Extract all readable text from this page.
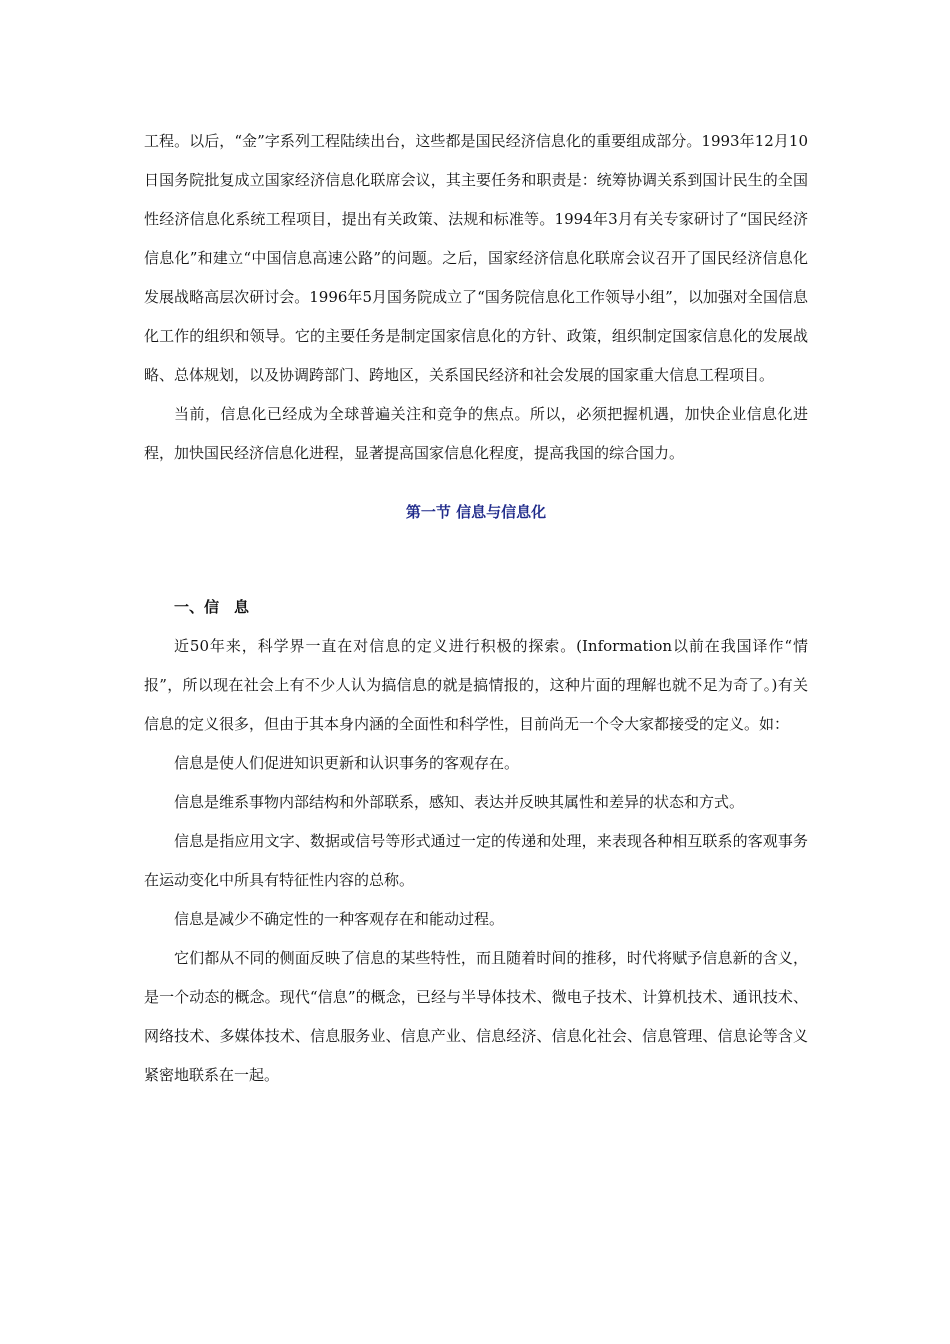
工程。以后，“金”字系列工程陆续出台，这些都是国民经济信息化的重要组成部分。1993年12月10日国务院批复成立国家经济信息化联席会议，其主要任务和职责是：统筹协调关系到国计民生的全国性经济信息化系统工程项目，提出有关政策、法规和标准等。1994年3月有关专家研讨了“国民经济信息化”和建立“中国信息高速公路”的问题。之后，国家经济信息化联席会议召开了国民经济信息化发展战略高层次研讨会。1996年5月国务院成立了“国务院信息化工作领导小组”，以加强对全国信息化工作的组织和领导。它的主要任务是制定国家信息化的方针、政策，组织制定国家信息化的发展战略、总体规划，以及协调跨部门、跨地区，关系国民经济和社会发展的国家重大信息工程项目。

当前，信息化已经成为全球普遍关注和竞争的焦点。所以，必须把握机遇，加快企业信息化进程，加快国民经济信息化进程，显著提高国家信息化程度，提高我国的综合国力。

第一节 信息与信息化
一、信　息

近50年来，科学界一直在对信息的定义进行积极的探索。(Information以前在我国译作“情报”，所以现在社会上有不少人认为搞信息的就是搞情报的，这种片面的理解也就不足为奇了。)有关信息的定义很多，但由于其本身内涵的全面性和科学性，目前尚无一个令大家都接受的定义。如：

信息是使人们促进知识更新和认识事务的客观存在。

信息是维系事物内部结构和外部联系，感知、表达并反映其属性和差异的状态和方式。

信息是指应用文字、数据或信号等形式通过一定的传递和处理，来表现各种相互联系的客观事务在运动变化中所具有特征性内容的总称。

信息是减少不确定性的一种客观存在和能动过程。

它们都从不同的侧面反映了信息的某些特性，而且随着时间的推移，时代将赋予信息新的含义，是一个动态的概念。现代“信息”的概念，已经与半导体技术、微电子技术、计算机技术、通讯技术、网络技术、多媒体技术、信息服务业、信息产业、信息经济、信息化社会、信息管理、信息论等含义紧密地联系在一起。
